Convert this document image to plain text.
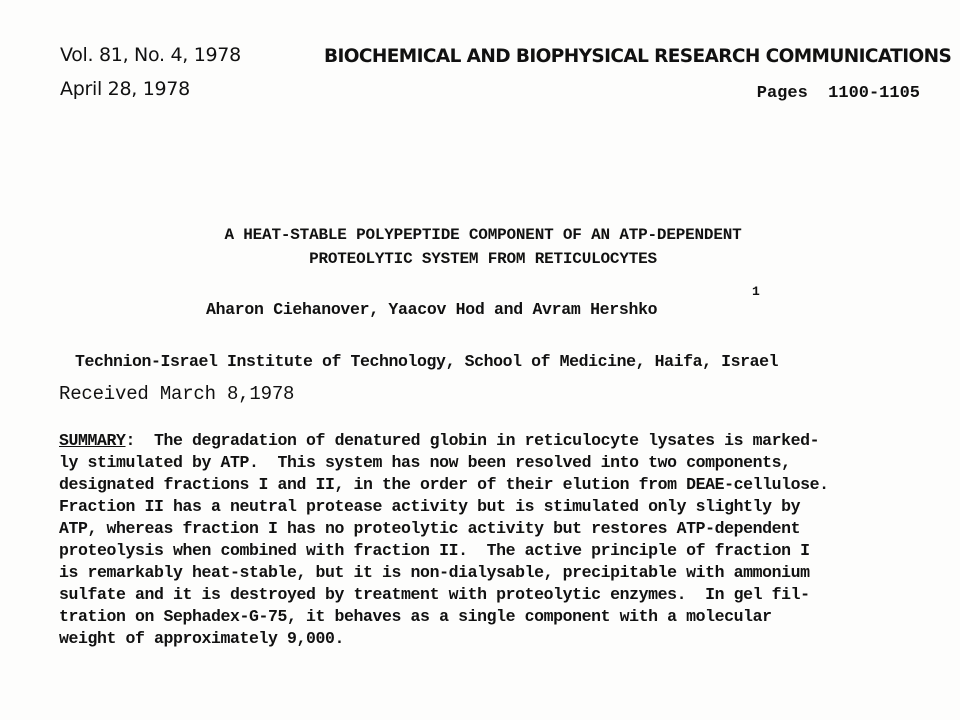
Vol. 81, No. 4, 1978
April 28, 1978
BIOCHEMICAL AND BIOPHYSICAL RESEARCH COMMUNICATIONS
Pages  1100-1105
A HEAT-STABLE POLYPEPTIDE COMPONENT OF AN ATP-DEPENDENT
PROTEOLYTIC SYSTEM FROM RETICULOCYTES
Aharon Ciehanover, Yaacov Hod and Avram Hershko
1
Technion-Israel Institute of Technology, School of Medicine, Haifa, Israel
Received March 8,1978
SUMMARY:  The degradation of denatured globin in reticulocyte lysates is marked-
ly stimulated by ATP.  This system has now been resolved into two components,
designated fractions I and II, in the order of their elution from DEAE-cellulose.
Fraction II has a neutral protease activity but is stimulated only slightly by
ATP, whereas fraction I has no proteolytic activity but restores ATP-dependent
proteolysis when combined with fraction II.  The active principle of fraction I
is remarkably heat-stable, but it is non-dialysable, precipitable with ammonium
sulfate and it is destroyed by treatment with proteolytic enzymes.  In gel fil-
tration on Sephadex-G-75, it behaves as a single component with a molecular
weight of approximately 9,000.
